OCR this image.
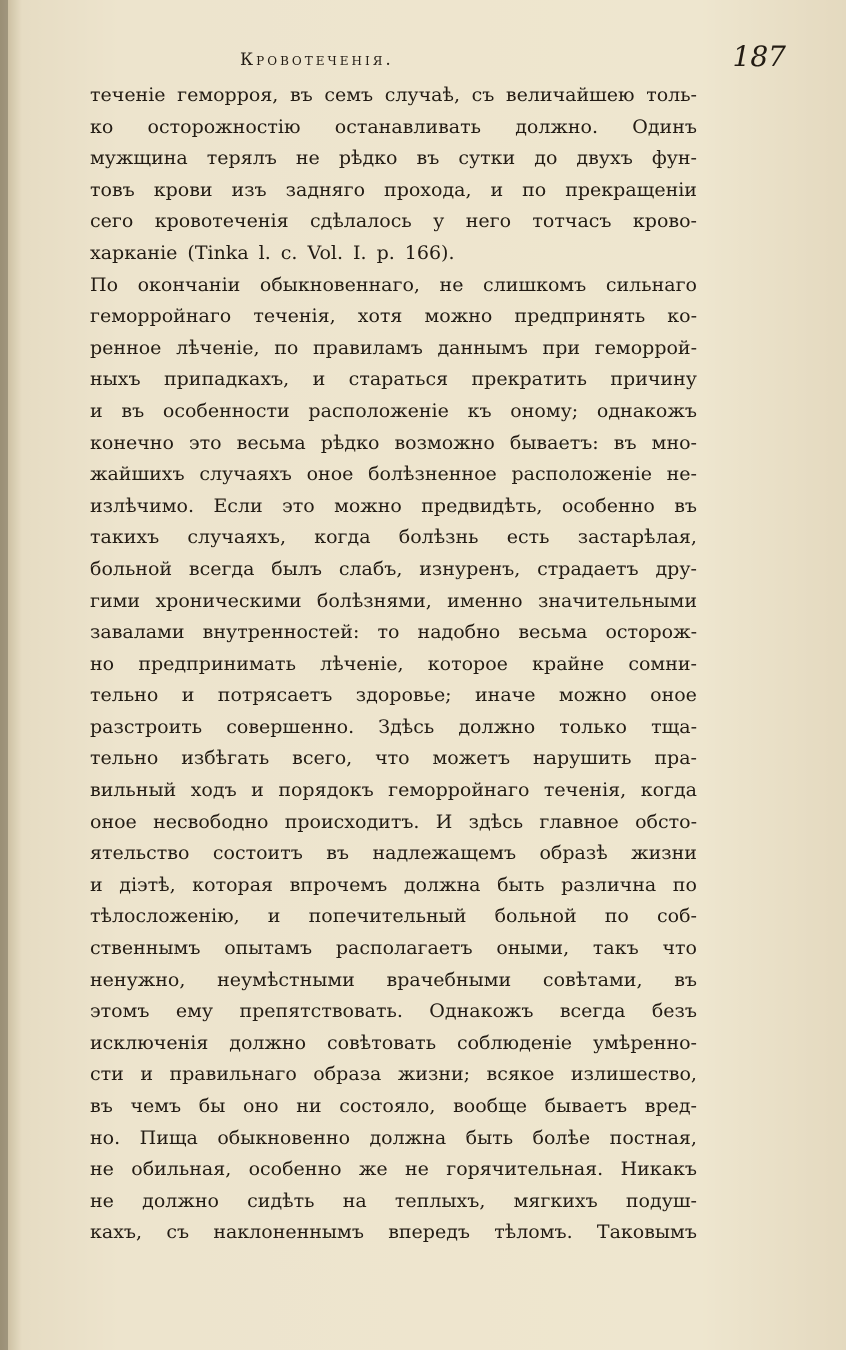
Кровотеченія.	187
теченіе геморроя, въ семъ случаѣ, съ величайшею толь-
ко осторожностію останавливать должно. Одинъ
мужщина терялъ не рѣдко въ сутки до двухъ фун-
товъ крови изъ задняго прохода, и по прекращеніи
сего кровотеченія сдѣлалось у него тотчасъ крово-
харканіе (Tinka l. c. Vol. I. p. 166).
По окончаніи обыкновеннаго, не слишкомъ сильнаго
геморройнаго теченія, хотя можно предпринять ко-
ренное лѣченіе, по правиламъ даннымъ при геморрой-
ныхъ припадкахъ, и стараться прекратить причину
и въ особенности расположеніе къ оному; однакожъ
конечно это весьма рѣдко возможно бываетъ: въ мно-
жайшихъ случаяхъ оное болѣзненное расположеніе не-
излѣчимо. Если это можно предвидѣть, особенно въ
такихъ случаяхъ, когда болѣзнь есть застарѣлая,
больной всегда былъ слабъ, изнуренъ, страдаетъ дру-
гими хроническими болѣзнями, именно значительными
завалами внутренностей: то надобно весьма осторож-
но предпринимать лѣченіе, которое крайне сомни-
тельно и потрясаетъ здоровье; иначе можно оное
разстроить совершенно. Здѣсь должно только тща-
тельно избѣгать всего, что можетъ нарушить пра-
вильный ходъ и порядокъ геморройнаго теченія, когда
оное несвободно происходитъ. И здѣсь главное обсто-
ятельство состоитъ въ надлежащемъ образѣ жизни
и діэтѣ, которая впрочемъ должна быть различна по
тѣлосложенію, и попечительный больной по соб-
ственнымъ опытамъ располагаетъ оными, такъ что
ненужно, неумѣстными врачебными совѣтами, въ
этомъ ему препятствовать. Однакожъ всегда безъ
исключенія должно совѣтовать соблюденіе умѣренно-
сти и правильнаго образа жизни; всякое излишество,
въ чемъ бы оно ни состояло, вообще бываетъ вред-
но. Пища обыкновенно должна быть болѣе постная,
не обильная, особенно же не горячительная. Никакъ
не должно сидѣть на теплыхъ, мягкихъ подуш-
кахъ, съ наклоненнымъ впередъ тѣломъ. Таковымъ
